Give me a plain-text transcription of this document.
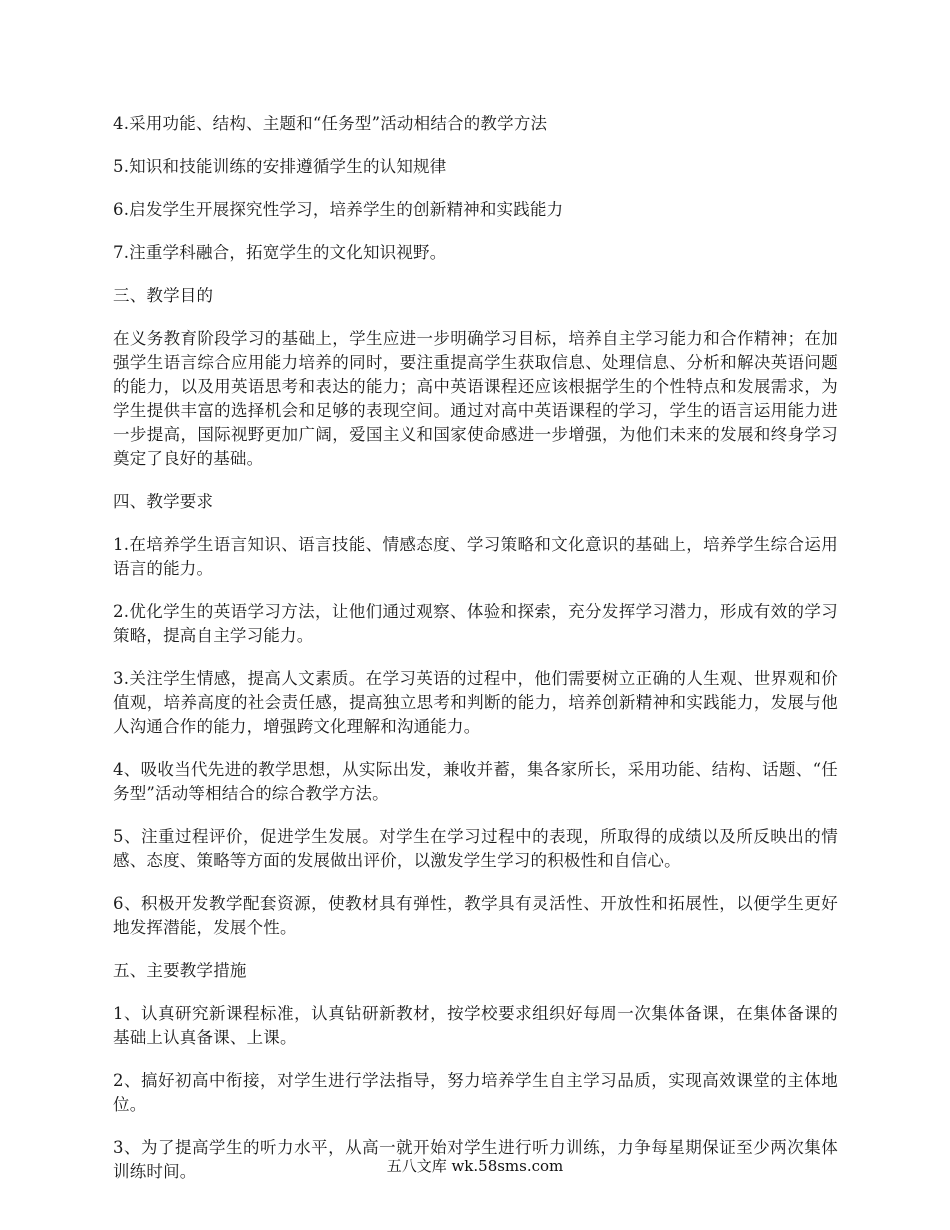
4.采用功能、结构、主题和“任务型”活动相结合的教学方法

5.知识和技能训练的安排遵循学生的认知规律

6.启发学生开展探究性学习，培养学生的创新精神和实践能力

7.注重学科融合，拓宽学生的文化知识视野。

三、教学目的

在义务教育阶段学习的基础上，学生应进一步明确学习目标，培养自主学习能力和合作精神；在加强学生语言综合应用能力培养的同时，要注重提高学生获取信息、处理信息、分析和解决英语问题的能力，以及用英语思考和表达的能力；高中英语课程还应该根据学生的个性特点和发展需求，为学生提供丰富的选择机会和足够的表现空间。通过对高中英语课程的学习，学生的语言运用能力进一步提高，国际视野更加广阔，爱国主义和国家使命感进一步增强，为他们未来的发展和终身学习奠定了良好的基础。

四、教学要求

1.在培养学生语言知识、语言技能、情感态度、学习策略和文化意识的基础上，培养学生综合运用语言的能力。

2.优化学生的英语学习方法，让他们通过观察、体验和探索，充分发挥学习潜力，形成有效的学习策略，提高自主学习能力。

3.关注学生情感，提高人文素质。在学习英语的过程中，他们需要树立正确的人生观、世界观和价值观，培养高度的社会责任感，提高独立思考和判断的能力，培养创新精神和实践能力，发展与他人沟通合作的能力，增强跨文化理解和沟通能力。

4、吸收当代先进的教学思想，从实际出发，兼收并蓄，集各家所长，采用功能、结构、话题、“任务型”活动等相结合的综合教学方法。

5、注重过程评价，促进学生发展。对学生在学习过程中的表现，所取得的成绩以及所反映出的情感、态度、策略等方面的发展做出评价，以激发学生学习的积极性和自信心。

6、积极开发教学配套资源，使教材具有弹性，教学具有灵活性、开放性和拓展性，以便学生更好地发挥潜能，发展个性。

五、主要教学措施

1、认真研究新课程标准，认真钻研新教材，按学校要求组织好每周一次集体备课，在集体备课的基础上认真备课、上课。

2、搞好初高中衔接，对学生进行学法指导，努力培养学生自主学习品质，实现高效课堂的主体地位。

3、为了提高学生的听力水平，从高一就开始对学生进行听力训练，力争每星期保证至少两次集体训练时间。	五八文库 wk.58sms.com
